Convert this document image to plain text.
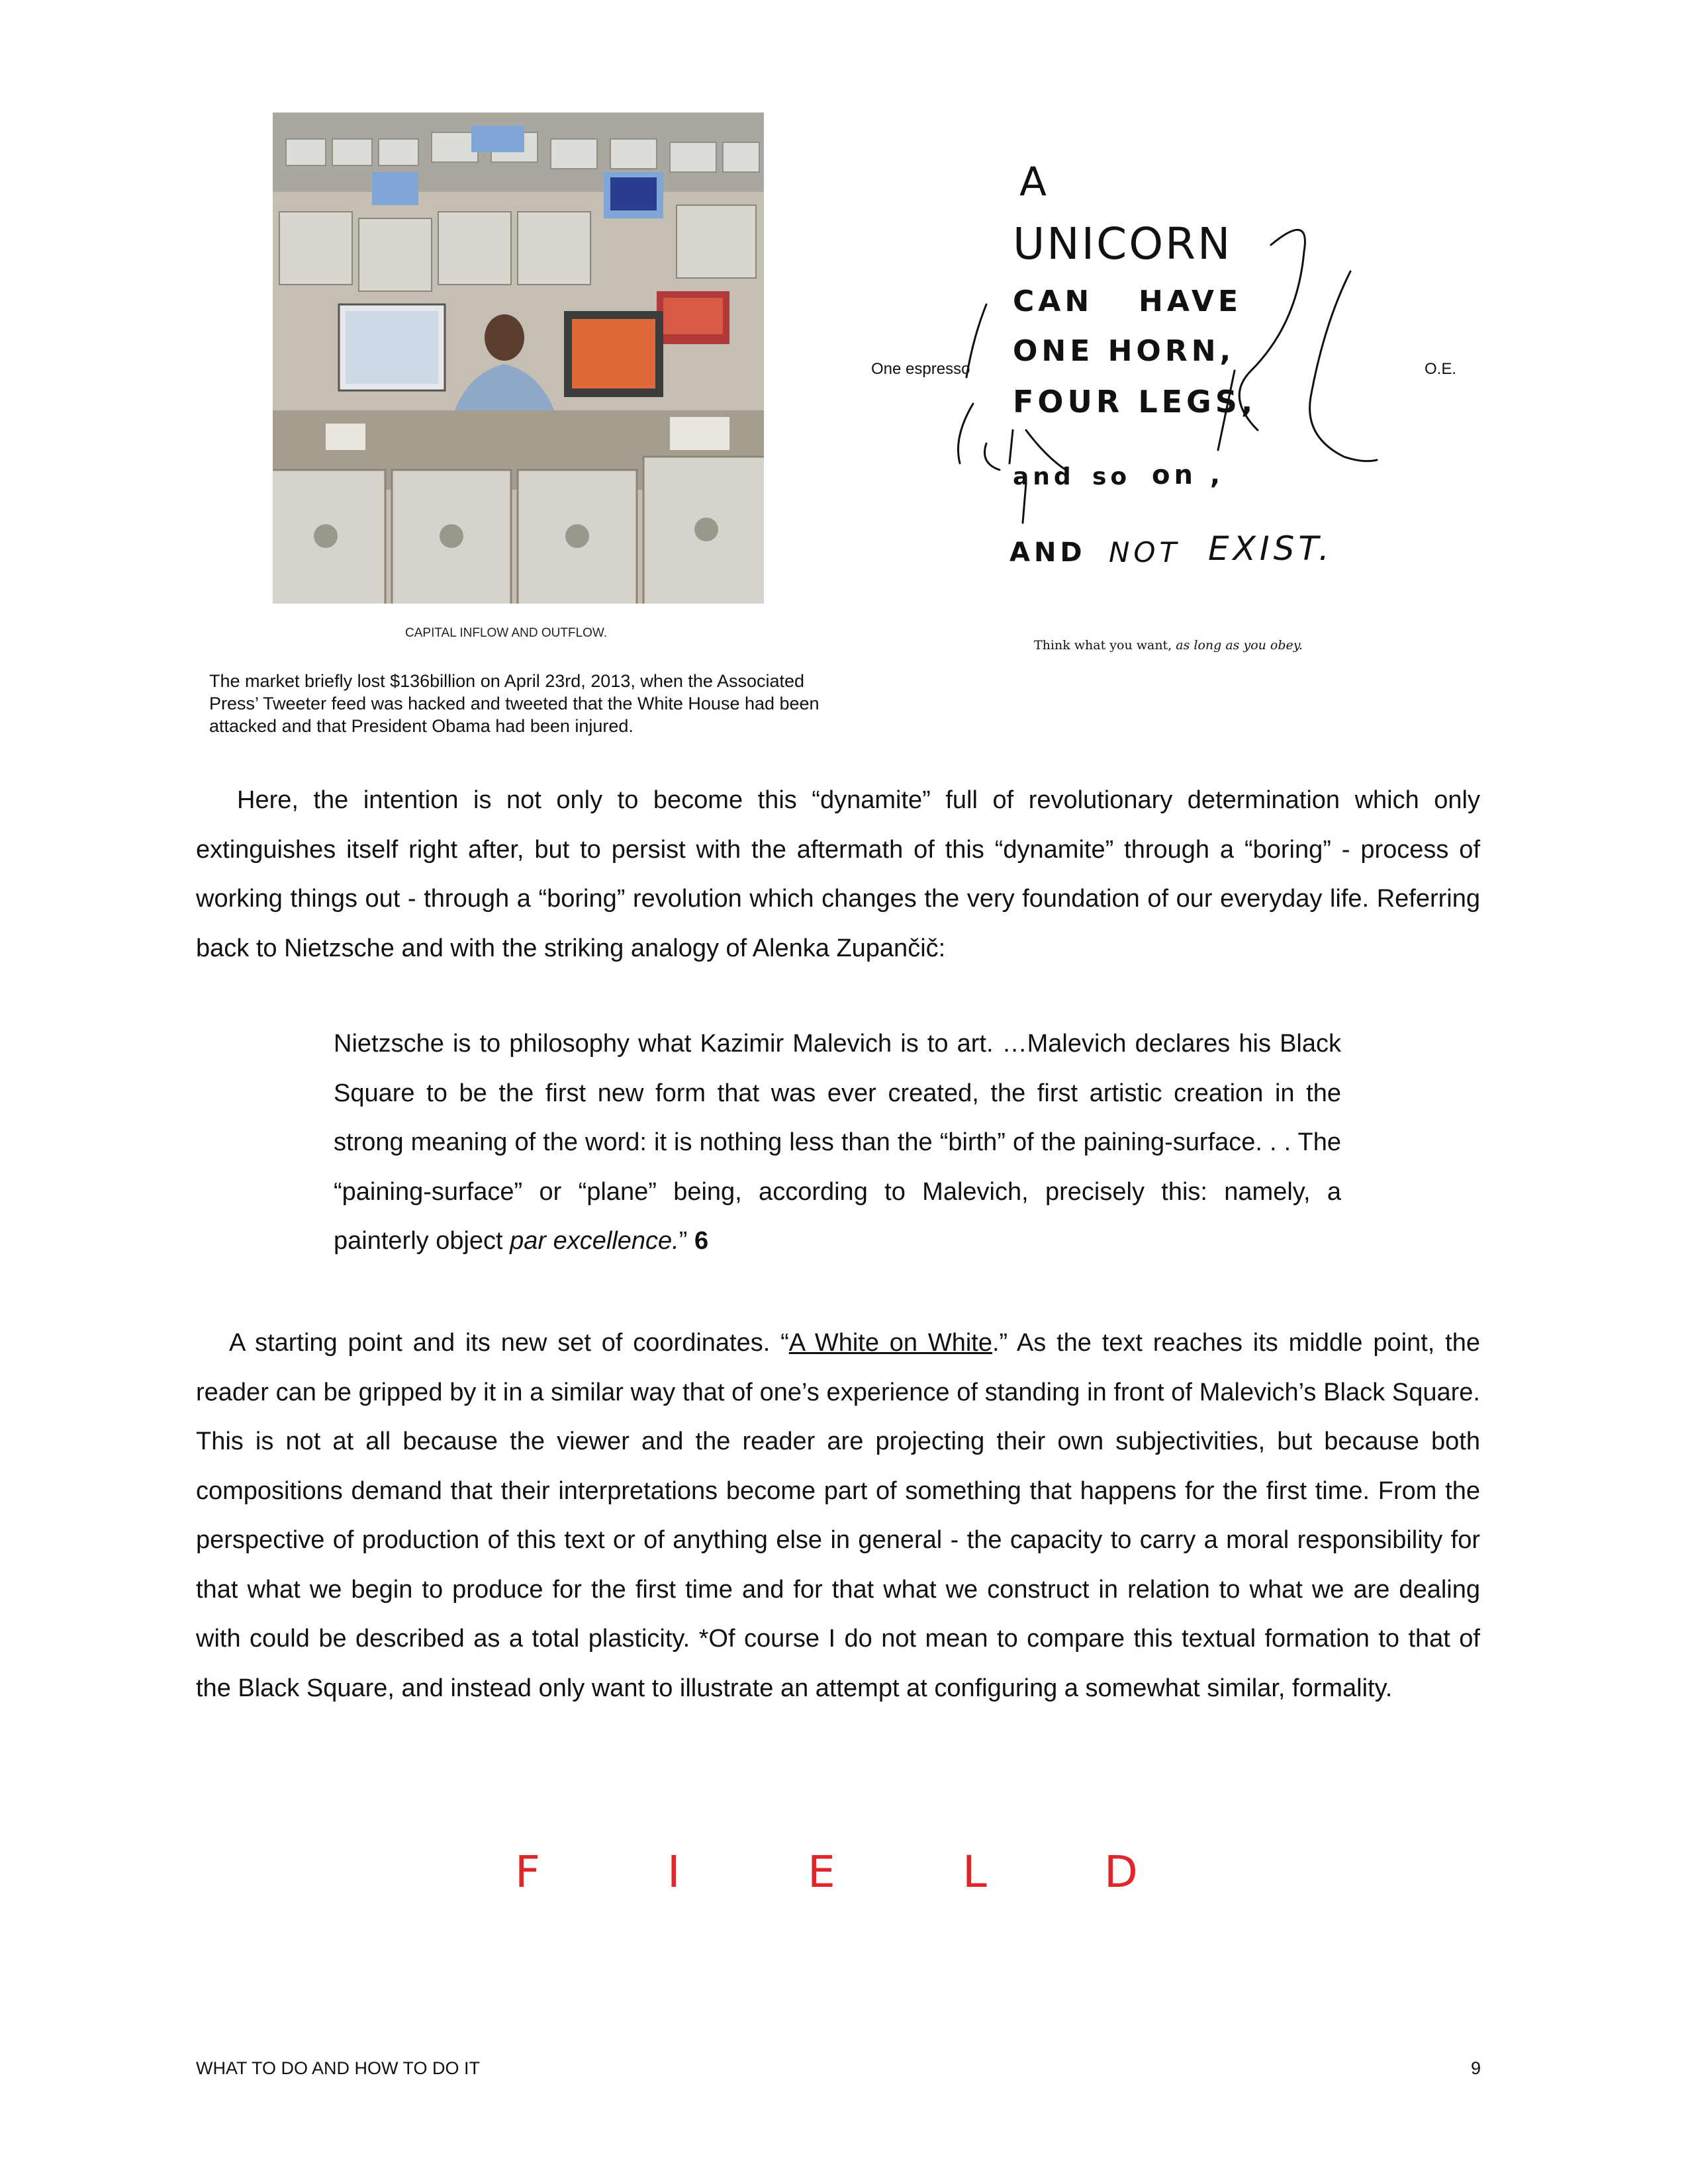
CAPITAL INFLOW AND OUTFLOW.
The market briefly lost $136billion on April 23rd, 2013, when the Associated Press’ Tweeter feed was hacked and tweeted that the White House had been attacked and that President Obama had been injured.
A
UNICORN
CAN HAVE
ONE HORN,
FOUR LEGS,
and so on ,
AND NOT EXIST.
One espresso	O.E.
Think what you want, as long as you obey.
Here, the intention is not only to become this “dynamite” full of revolutionary determination which only extinguishes itself right after, but to persist with the aftermath of this “dynamite” through a “boring” - process of working things out - through a “boring” revolution which changes the very foundation of our everyday life. Referring back to Nietzsche and with the striking analogy of Alenka Zupančič:
Nietzsche is to philosophy what Kazimir Malevich is to art. …Malevich declares his Black Square to be the first new form that was ever created, the first artistic creation in the strong meaning of the word: it is nothing less than the “birth” of the paining-surface. . . The “paining-surface” or “plane” being, according to Malevich, precisely this: namely, a painterly object par excellence.” 6
A starting point and its new set of coordinates. “A White on White.” As the text reaches its middle point, the reader can be gripped by it in a similar way that of one’s experience of standing in front of Malevich’s Black Square. This is not at all because the viewer and the reader are projecting their own subjectivities, but because both compositions demand that their interpretations become part of something that happens for the first time. From the perspective of production of this text or of anything else in general - the capacity to carry a moral responsibility for that what we begin to produce for the first time and for that what we construct in relation to what we are dealing with could be described as a total plasticity. *Of course I do not mean to compare this textual formation to that of the Black Square, and instead only want to illustrate an attempt at configuring a somewhat similar, formality.
F	I	E	L	D
WHAT TO DO AND HOW TO DO IT	9
